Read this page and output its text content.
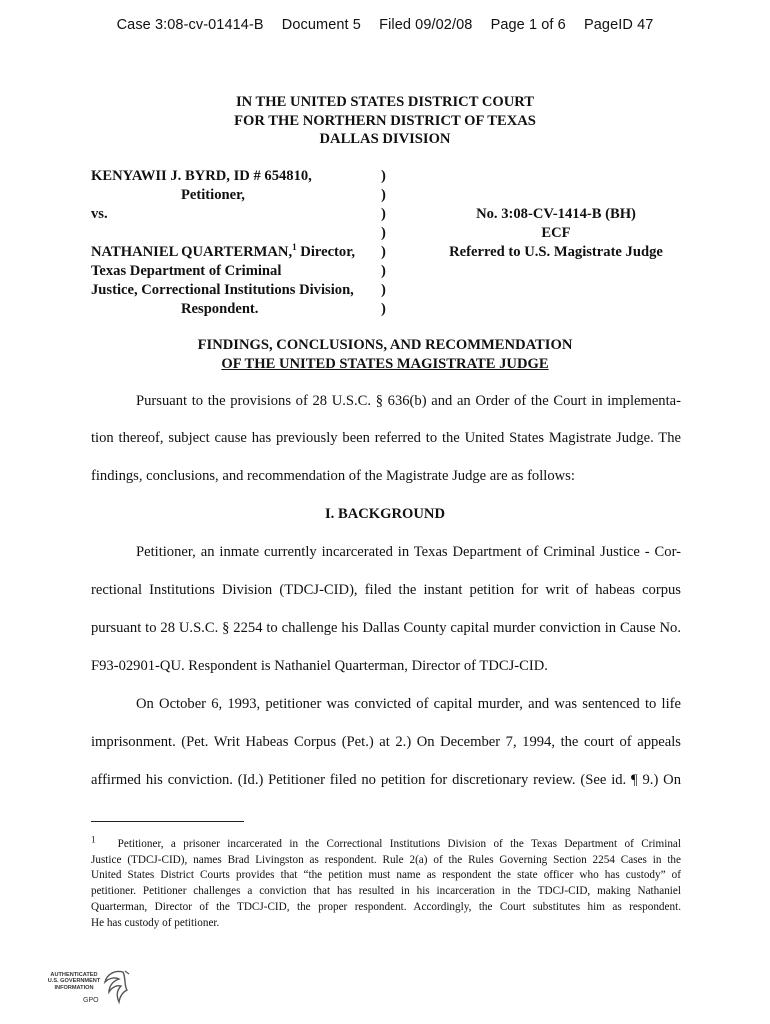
Case 3:08-cv-01414-B Document 5 Filed 09/02/08 Page 1 of 6 PageID 47
IN THE UNITED STATES DISTRICT COURT
FOR THE NORTHERN DISTRICT OF TEXAS
DALLAS DIVISION
KENYAWII J. BYRD, ID # 654810,
Petitioner,
vs.
NATHANIEL QUARTERMAN,$^1$ Director,
Texas Department of Criminal
Justice, Correctional Institutions Division,
Respondent.
)
)
)
)
)
)
)
)
No. 3:08-CV-1414-B (BH)
ECF
Referred to U.S. Magistrate Judge
FINDINGS, CONCLUSIONS, AND RECOMMENDATION
OF THE UNITED STATES MAGISTRATE JUDGE
Pursuant to the provisions of 28 U.S.C. § 636(b) and an Order of the Court in implementa-
tion thereof, subject cause has previously been referred to the United States Magistrate Judge. The
findings, conclusions, and recommendation of the Magistrate Judge are as follows:
I. BACKGROUND
Petitioner, an inmate currently incarcerated in Texas Department of Criminal Justice - Cor-
rectional Institutions Division (TDCJ-CID), filed the instant petition for writ of habeas corpus
pursuant to 28 U.S.C. § 2254 to challenge his Dallas County capital murder conviction in Cause No.
F93-02901-QU. Respondent is Nathaniel Quarterman, Director of TDCJ-CID.
On October 6, 1993, petitioner was convicted of capital murder, and was sentenced to life
imprisonment. (Pet. Writ Habeas Corpus (Pet.) at 2.) On December 7, 1994, the court of appeals
affirmed his conviction. (Id.) Petitioner filed no petition for discretionary review. (See id. ¶ 9.) On
$^1$ Petitioner, a prisoner incarcerated in the Correctional Institutions Division of the Texas Department of Criminal
Justice (TDCJ-CID), names Brad Livingston as respondent. Rule 2(a) of the Rules Governing Section 2254 Cases in the
United States District Courts provides that “the petition must name as respondent the state officer who has custody” of
petitioner. Petitioner challenges a conviction that has resulted in his incarceration in the TDCJ-CID, making Nathaniel
Quarterman, Director of the TDCJ-CID, the proper respondent. Accordingly, the Court substitutes him as respondent.
He has custody of petitioner.
AUTHENTICATED
U.S. GOVERNMENT
INFORMATION
GPO
